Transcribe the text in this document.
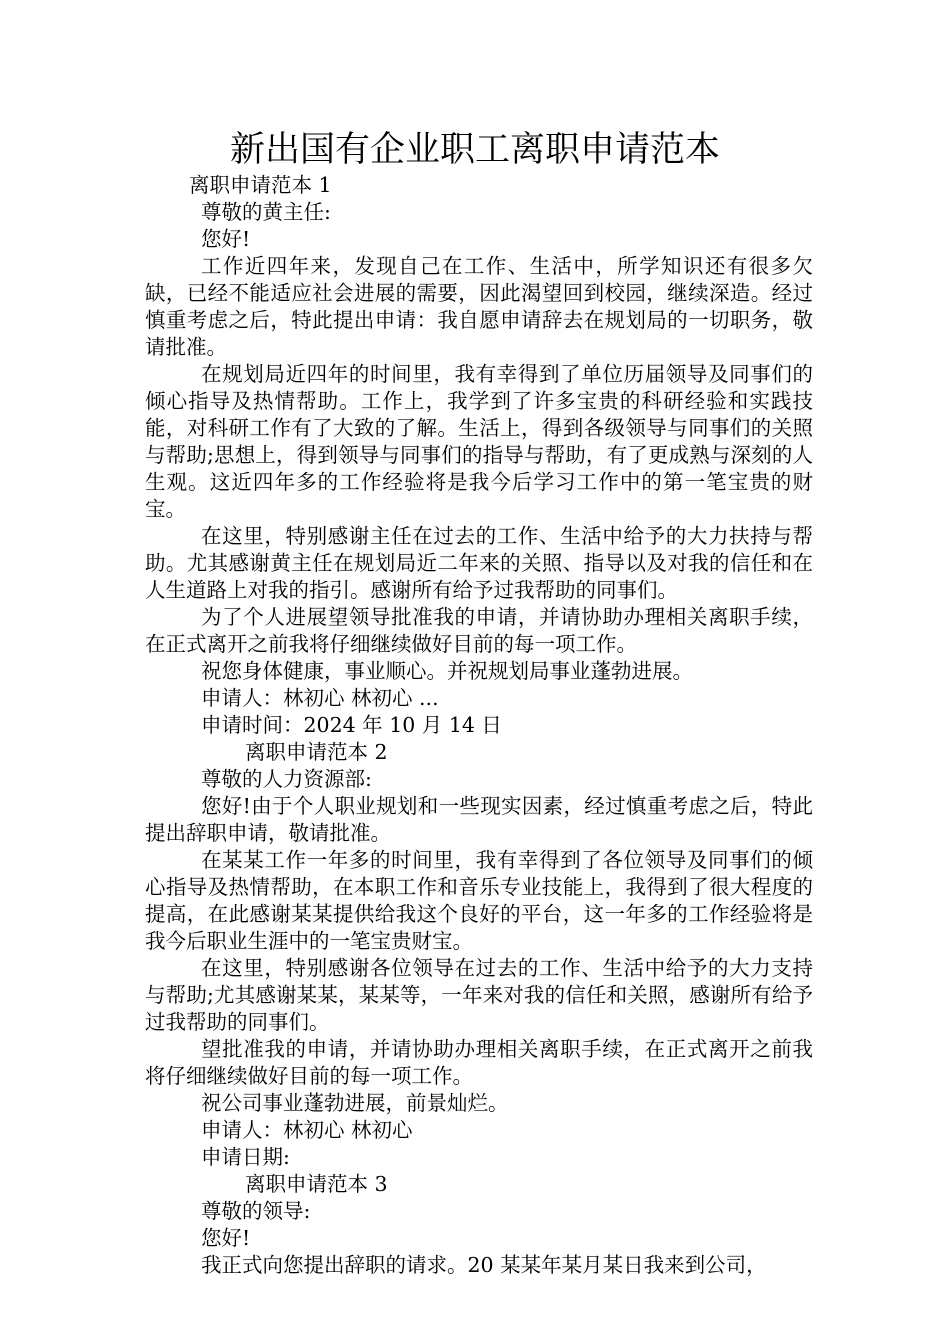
新出国有企业职工离职申请范本

离职申请范本 1

尊敬的黄主任:

您好!

工作近四年来，发现自己在工作、生活中，所学知识还有很多欠缺，已经不能适应社会进展的需要，因此渴望回到校园，继续深造。经过慎重考虑之后，特此提出申请：我自愿申请辞去在规划局的一切职务，敬请批准。

在规划局近四年的时间里，我有幸得到了单位历届领导及同事们的倾心指导及热情帮助。工作上，我学到了许多宝贵的科研经验和实践技能，对科研工作有了大致的了解。生活上，得到各级领导与同事们的关照与帮助;思想上，得到领导与同事们的指导与帮助，有了更成熟与深刻的人生观。这近四年多的工作经验将是我今后学习工作中的第一笔宝贵的财宝。

在这里，特别感谢主任在过去的工作、生活中给予的大力扶持与帮助。尤其感谢黄主任在规划局近二年来的关照、指导以及对我的信任和在人生道路上对我的指引。感谢所有给予过我帮助的同事们。

为了个人进展望领导批准我的申请，并请协助办理相关离职手续，在正式离开之前我将仔细继续做好目前的每一项工作。

祝您身体健康，事业顺心。并祝规划局事业蓬勃进展。

申请人：林初心 林初心 ...

申请时间：2024 年 10 月 14 日

离职申请范本 2

尊敬的人力资源部:

您好!由于个人职业规划和一些现实因素，经过慎重考虑之后，特此提出辞职申请，敬请批准。

在某某工作一年多的时间里，我有幸得到了各位领导及同事们的倾心指导及热情帮助，在本职工作和音乐专业技能上，我得到了很大程度的提高，在此感谢某某提供给我这个良好的平台，这一年多的工作经验将是我今后职业生涯中的一笔宝贵财宝。

在这里，特别感谢各位领导在过去的工作、生活中给予的大力支持与帮助;尤其感谢某某，某某等，一年来对我的信任和关照，感谢所有给予过我帮助的同事们。

望批准我的申请，并请协助办理相关离职手续，在正式离开之前我将仔细继续做好目前的每一项工作。

祝公司事业蓬勃进展，前景灿烂。

申请人：林初心 林初心

申请日期:

离职申请范本 3

尊敬的领导:

您好!

我正式向您提出辞职的请求。20 某某年某月某日我来到公司，
